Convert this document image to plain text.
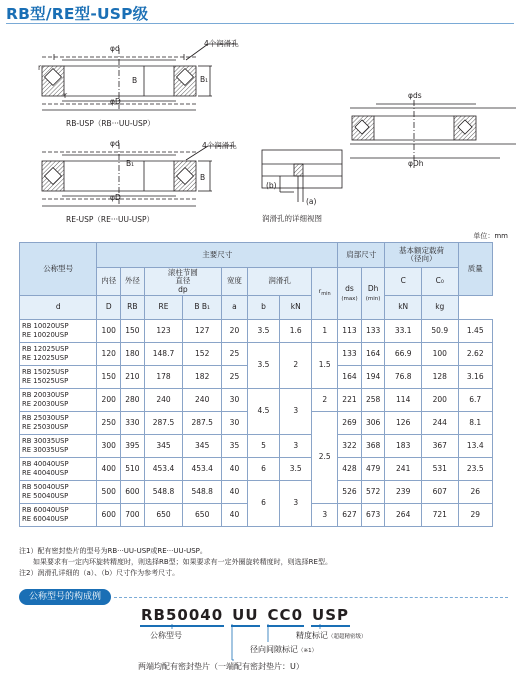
RB型/RE型-USP级
φd
4个润滑孔
r
r
B	B₁
φD
RB-USP（RB···UU-USP）
φd	4个润滑孔
B₁
B
φD
RE-USP（RE···UU-USP）
(b)
(a)
润滑孔的详细视图
φds
φDh
单位：mm
公称型号	主要尺寸								肩部尺寸		基本额定载荷
（径向）		质量
	内径	外径	滚柱节圆
直径
dp		宽度	润滑孔		$r_{min}$	ds
(max)	Dh
(min)	C	C₀	

d	D	RB	RE	B B₁	a	b	kN				kN	kg	
RB 10020USP
RE 10020USP	100	150	123	127	20	3.5	1.6	1	113	133	33.1	50.9	1.45
RB 12025USP
RE 12025USP	120	180	148.7	152	25	3.5	2	1.5	133	164	66.9	100	2.62
RB 15025USP
RE 15025USP	150	210	178	182	25				164	194	76.8	128	3.16
RB 20030USP
RE 20030USP	200	280	240	240	30	4.5	3	2	221	258	114	200	6.7
RB 25030USP
RE 25030USP	250	330	287.5	287.5	30			2.5	269	306	126	244	8.1
RB 30035USP
RE 30035USP	300	395	345	345	35	5	3		322	368	183	367	13.4
RB 40040USP
RE 40040USP	400	510	453.4	453.4	40	6	3.5		428	479	241	531	23.5
RB 50040USP
RE 50040USP	500	600	548.8	548.8	40	6	3		526	572	239	607	26
RB 60040USP
RE 60040USP	600	700	650	650	40			3	627	673	264	721	29
注1）配有密封垫片的型号为RB···UU-USP或RE···UU-USP。
　　如果要求有一定内环旋转精度时，则选择RB型；如果要求有一定外圈旋转精度时，则选择RE型。
注2）润滑孔详细的（a）、（b）尺寸作为参考尺寸。
公称型号的构成例
RB50040 UU CC0 USP
公称型号	精度标记（超超精密级）
径向间隙标记（※1）
两端均配有密封垫片（一端配有密封垫片：U）
